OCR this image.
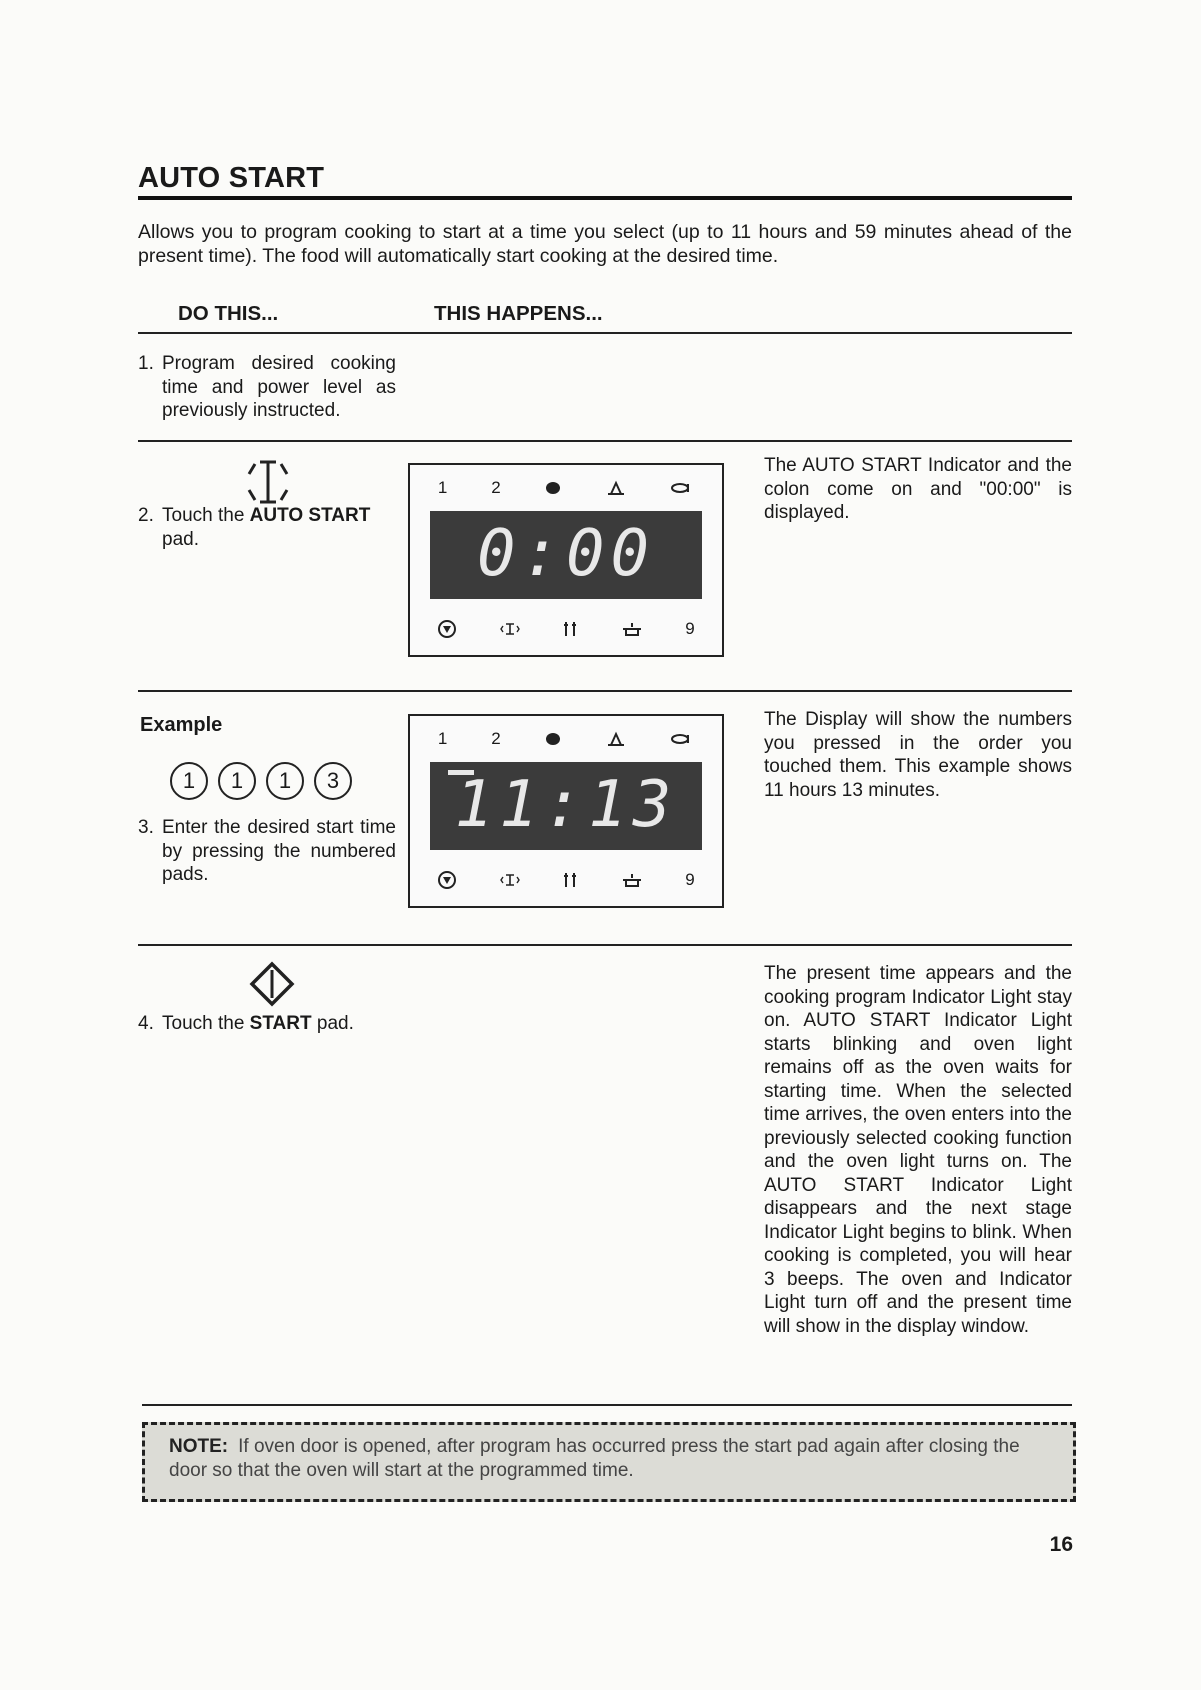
AUTO START
Allows you to program cooking to start at a time you select (up to 11 hours and 59 minutes ahead of the present time). The food will automatically start cooking at the desired time.
DO THIS...	THIS HAPPENS...
1. Program desired cooking time and power level as previously instructed.
2. Touch the AUTO START pad.
1	2
0:00
9
The AUTO START Indicator and the colon come on and "00:00" is displayed.
Example
1	1	1	3
3. Enter the desired start time by pressing the numbered pads.
1	2
11:13
9
The Display will show the numbers you pressed in the order you touched them. This example shows 11 hours 13 minutes.
4. Touch the START pad.
The present time appears and the cooking program Indicator Light stay on. AUTO START Indicator Light starts blinking and oven light remains off as the oven waits for starting time. When the selected time arrives, the oven enters into the previously selected cooking function and the oven light turns on. The AUTO START Indicator Light disappears and the next stage Indicator Light begins to blink. When cooking is completed, you will hear 3 beeps. The oven and Indicator Light turn off and the present time will show in the display window.
NOTE: If oven door is opened, after program has occurred press the start pad again after closing the door so that the oven will start at the programmed time.
16
